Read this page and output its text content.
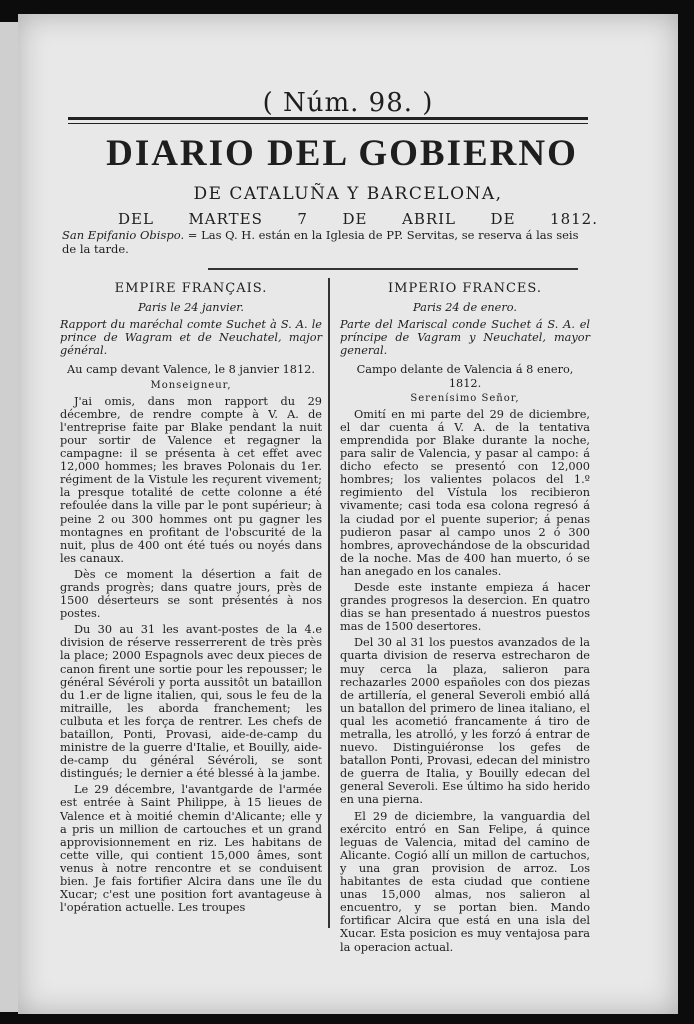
( Núm. 98. )
DIARIO DEL GOBIERNO
DE CATALUÑA Y BARCELONA,
DEL MARTES 7 DE ABRIL DE 1812.
San Epifanio Obispo. = Las Q. H. están en la Iglesia de PP. Servitas, se reserva á las seis de la tarde.
EMPIRE FRANÇAIS.

Paris le 24 janvier.

Rapport du maréchal comte Suchet à S. A. le prince de Wagram et de Neuchatel, major général.

Au camp devant Valence, le 8 janvier 1812.

Monseigneur,

J'ai omis, dans mon rapport du 29 décembre, de rendre compte à V. A. de l'entreprise faite par Blake pendant la nuit pour sortir de Valence et regagner la campagne: il se présenta à cet effet avec 12,000 hommes; les braves Polonais du 1er. régiment de la Vistule les reçurent vivement; la presque totalité de cette colonne a été refoulée dans la ville par le pont supérieur; à peine 2 ou 300 hommes ont pu gagner les montagnes en profitant de l'obscurité de la nuit, plus de 400 ont été tués ou noyés dans les canaux.

Dès ce moment la désertion a fait de grands progrès; dans quatre jours, près de 1500 déserteurs se sont présentés à nos postes.

Du 30 au 31 les avant-postes de la 4.e division de réserve resserrerent de très près la place; 2000 Espagnols avec deux pieces de canon firent une sortie pour les repousser; le général Sévéroli y porta aussitôt un bataillon du 1.er de ligne italien, qui, sous le feu de la mitraille, les aborda franchement; les culbuta et les força de rentrer. Les chefs de bataillon, Ponti, Provasi, aide-de-camp du ministre de la guerre d'Italie, et Bouilly, aide-de-camp du général Sévéroli, se sont distingués; le dernier a été blessé à la jambe.

Le 29 décembre, l'avantgarde de l'armée est entrée à Saint Philippe, à 15 lieues de Valence et à moitié chemin d'Alicante; elle y a pris un million de cartouches et un grand approvisionnement en riz. Les habitans de cette ville, qui contient 15,000 âmes, sont venus à notre rencontre et se conduisent bien. Je fais fortifier Alcira dans une île du Xucar; c'est une position fort avantageuse à l'opération actuelle. Les troupes

IMPERIO FRANCES.

Paris 24 de enero.

Parte del Mariscal conde Suchet á S. A. el príncipe de Vagram y Neuchatel, mayor general.

Campo delante de Valencia á 8 enero, 1812.

Serenísimo Señor,

Omití en mi parte del 29 de diciembre, el dar cuenta á V. A. de la tentativa emprendida por Blake durante la noche, para salir de Valencia, y pasar al campo: á dicho efecto se presentó con 12,000 hombres; los valientes polacos del 1.º regimiento del Vístula los recibieron vivamente; casi toda esa colona regresó á la ciudad por el puente superior; á penas pudieron pasar al campo unos 2 ó 300 hombres, aprovechándose de la obscuridad de la noche. Mas de 400 han muerto, ó se han anegado en los canales.

Desde este instante empieza á hacer grandes progresos la desercion. En quatro dias se han presentado á nuestros puestos mas de 1500 desertores.

Del 30 al 31 los puestos avanzados de la quarta division de reserva estrecharon de muy cerca la plaza, salieron para rechazarles 2000 españoles con dos piezas de artillería, el general Severoli embió allá un batallon del primero de linea italiano, el qual les acometió francamente á tiro de metralla, les atrolló, y les forzó á entrar de nuevo. Distinguiéronse los gefes de batallon Ponti, Provasi, edecan del ministro de guerra de Italia, y Bouilly edecan del general Severoli. Ese último ha sido herido en una pierna.

El 29 de diciembre, la vanguardia del exército entró en San Felipe, á quince leguas de Valencia, mitad del camino de Alicante. Cogió allí un millon de cartuchos, y una gran provision de arroz. Los habitantes de esta ciudad que contiene unas 15,000 almas, nos salieron al encuentro, y se portan bien. Mando fortificar Alcira que está en una isla del Xucar. Esta posicion es muy ventajosa para la operacion actual.
